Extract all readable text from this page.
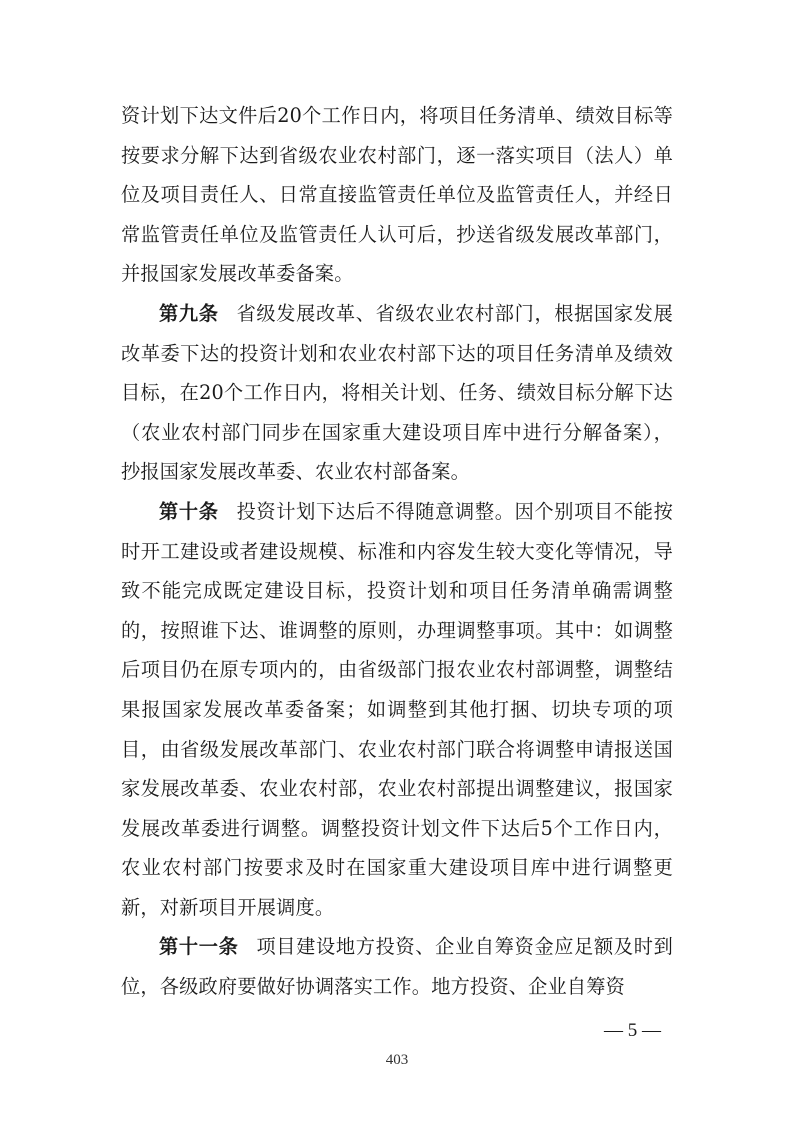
资计划下达文件后20个工作日内，将项目任务清单、绩效目标等按要求分解下达到省级农业农村部门，逐一落实项目（法人）单位及项目责任人、日常直接监管责任单位及监管责任人，并经日常监管责任单位及监管责任人认可后，抄送省级发展改革部门，并报国家发展改革委备案。

第九条 省级发展改革、省级农业农村部门，根据国家发展改革委下达的投资计划和农业农村部下达的项目任务清单及绩效目标，在20个工作日内，将相关计划、任务、绩效目标分解下达（农业农村部门同步在国家重大建设项目库中进行分解备案），抄报国家发展改革委、农业农村部备案。

第十条 投资计划下达后不得随意调整。因个别项目不能按时开工建设或者建设规模、标准和内容发生较大变化等情况，导致不能完成既定建设目标，投资计划和项目任务清单确需调整的，按照谁下达、谁调整的原则，办理调整事项。其中：如调整后项目仍在原专项内的，由省级部门报农业农村部调整，调整结果报国家发展改革委备案；如调整到其他打捆、切块专项的项目，由省级发展改革部门、农业农村部门联合将调整申请报送国家发展改革委、农业农村部，农业农村部提出调整建议，报国家发展改革委进行调整。调整投资计划文件下达后5个工作日内，农业农村部门按要求及时在国家重大建设项目库中进行调整更新，对新项目开展调度。

第十一条 项目建设地方投资、企业自筹资金应足额及时到位，各级政府要做好协调落实工作。地方投资、企业自筹资

— 5 —
403
